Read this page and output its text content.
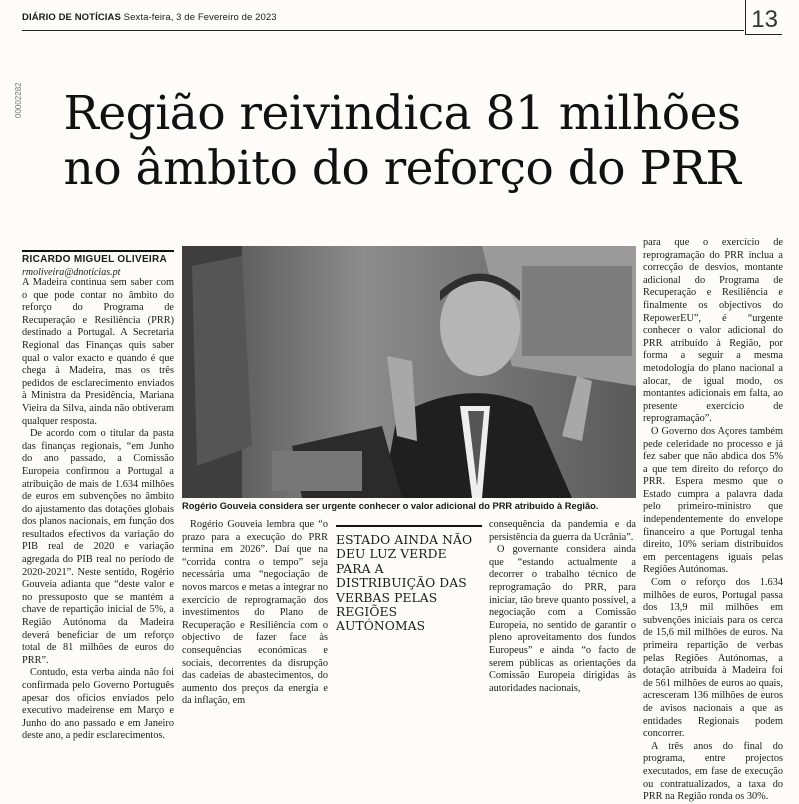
DIÁRIO DE NOTÍCIAS Sexta-feira, 3 de Fevereiro de 2023	13
00002282 Região reivindica 81 milhões
no âmbito do reforço do PRR
RICARDO MIGUEL OLIVEIRA
rmoliveira@dnoticias.pt

A Madeira continua sem saber com o que pode contar no âmbito do reforço do Programa de Recuperação e Resiliência (PRR) destinado a Portugal. A Secretaria Regional das Finanças quis saber qual o valor exacto e quando é que chega à Madeira, mas os três pedidos de esclarecimento enviados à Ministra da Presidência, Mariana Vieira da Silva, ainda não obtiveram qualquer resposta.

De acordo com o titular da pasta das finanças regionais, “em Junho do ano passado, a Comissão Europeia confirmou a Portugal a atribuição de mais de 1.634 milhões de euros em subvenções no âmbito do ajustamento das dotações globais dos planos nacionais, em função dos resultados efectivos da variação do PIB real de 2020 e variação agregada do PIB real no período de 2020-2021”. Neste sentido, Rogério Gouveia adianta que “deste valor e no pressuposto que se mantém a chave de repartição inicial de 5%, a Região Autónoma da Madeira deverá beneficiar de um reforço total de 81 milhões de euros do PRR”.

Contudo, esta verba ainda não foi confirmada pelo Governo Português apesar dos ofícios enviados pelo executivo madeirense em Março e Junho do ano passado e em Janeiro deste ano, a pedir esclarecimentos.

Rogério Gouveia considera ser urgente conhecer o valor adicional do PRR atribuído à Região.

Rogério Gouveia lembra que “o prazo para a execução do PRR termina em 2026”. Daí que na “corrida contra o tempo” seja necessária uma “negociação de novos marcos e metas a integrar no exercício de reprogramação dos investimentos do Plano de Recuperação e Resiliência com o objectivo de fazer face às consequências económicas e sociais, decorrentes da disrupção das cadeias de abastecimentos, do aumento dos preços da energia e da inflação, em

ESTADO AINDA NÃO DEU LUZ VERDE PARA A DISTRIBUIÇÃO DAS VERBAS PELAS REGIÕES AUTÓNOMAS

consequência da pandemia e da persistência da guerra da Ucrânia”.

O governante considera ainda que “estando actualmente a decorrer o trabalho técnico de reprogramação do PRR, para iniciar, tão breve quanto possível, a negociação com a Comissão Europeia, no sentido de garantir o pleno aproveitamento dos fundos Europeus” e ainda “o facto de serem públicas as orientações da Comissão Europeia dirigidas às autoridades nacionais,

para que o exercício de reprogramação do PRR inclua a correcção de desvios, montante adicional do Programa de Recuperação e Resiliência e finalmente os objectivos do RepowerEU”, é “urgente conhecer o valor adicional do PRR atribuído à Região, por forma a seguir a mesma metodologia do plano nacional a alocar, de igual modo, os montantes adicionais em falta, ao presente exercício de reprogramação”.

O Governo dos Açores também pede celeridade no processo e já fez saber que não abdica dos 5% a que tem direito do reforço do PRR. Espera mesmo que o Estado cumpra a palavra dada pelo primeiro-ministro que independentemente do envelope financeiro a que Portugal tenha direito, 10% seriam distribuídos em percentagens iguais pelas Regiões Autónomas.

Com o reforço dos 1.634 milhões de euros, Portugal passa dos 13,9 mil milhões em subvenções iniciais para os cerca de 15,6 mil milhões de euros. Na primeira repartição de verbas pelas Regiões Autónomas, a dotação atribuída à Madeira foi de 561 milhões de euros ao quais, acresceram 136 milhões de euros de avisos nacionais a que as entidades Regionais podem concorrer.

A três anos do final do programa, entre projectos executados, em fase de execução ou contratualizados, a taxa do PRR na Região ronda os 30%.
